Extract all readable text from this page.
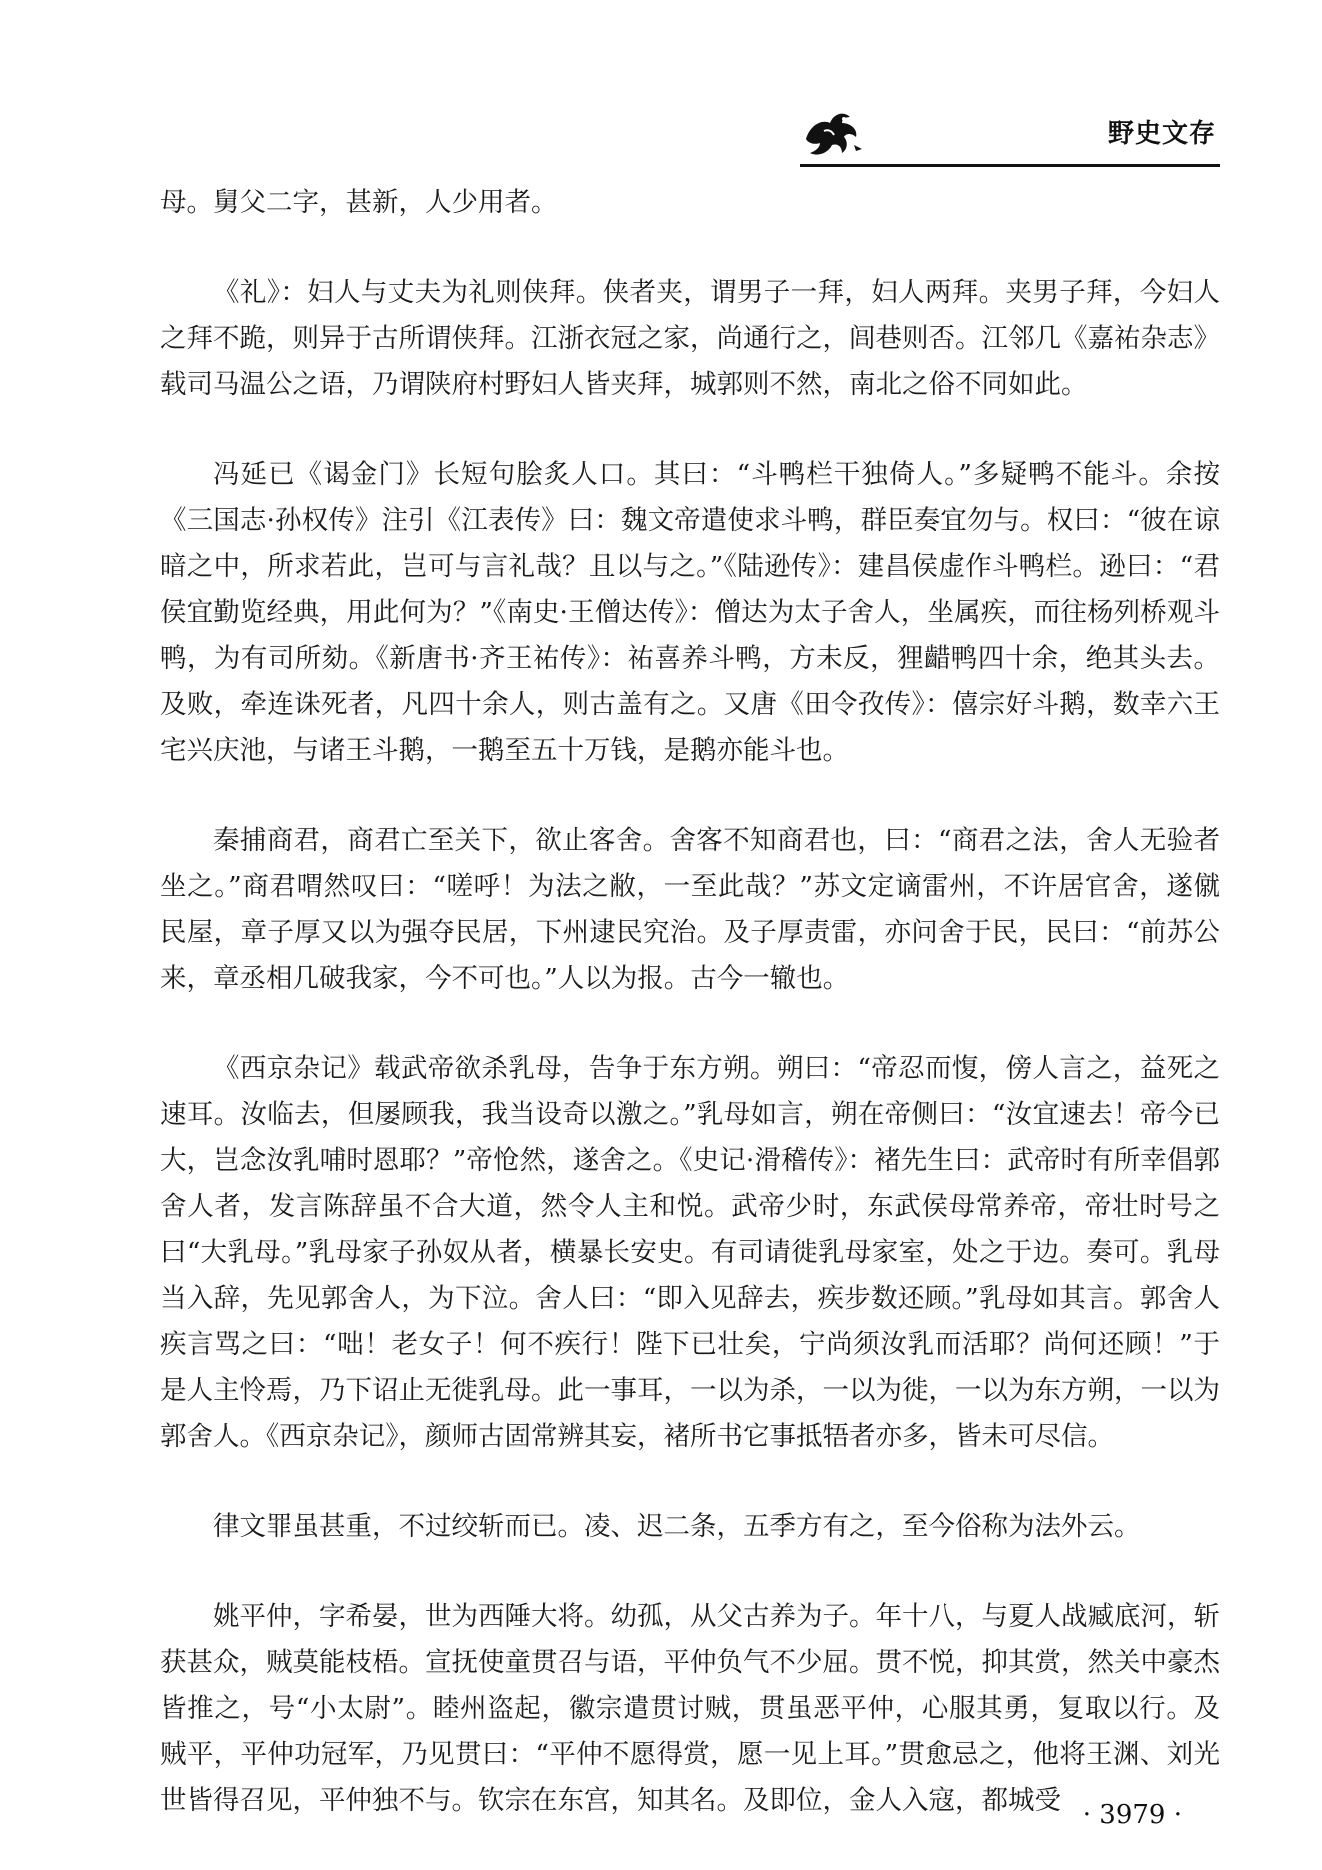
野史文存

母。舅父二字，甚新，人少用者。

《礼》：妇人与丈夫为礼则侠拜。侠者夹，谓男子一拜，妇人两拜。夹男子拜，今妇人之拜不跪，则异于古所谓侠拜。江浙衣冠之家，尚通行之，闾巷则否。江邻几《嘉祐杂志》载司马温公之语，乃谓陕府村野妇人皆夹拜，城郭则不然，南北之俗不同如此。

冯延已《谒金门》长短句脍炙人口。其曰：“斗鸭栏干独倚人。”多疑鸭不能斗。余按《三国志·孙权传》注引《江表传》曰：魏文帝遣使求斗鸭，群臣奏宜勿与。权曰：“彼在谅暗之中，所求若此，岂可与言礼哉？且以与之。”《陆逊传》：建昌侯虚作斗鸭栏。逊曰：“君侯宜勤览经典，用此何为？”《南史·王僧达传》：僧达为太子舍人，坐属疾，而往杨列桥观斗鸭，为有司所劾。《新唐书·齐王祐传》：祐喜养斗鸭，方未反，狸齰鸭四十余，绝其头去。及败，牵连诛死者，凡四十余人，则古盖有之。又唐《田令孜传》：僖宗好斗鹅，数幸六王宅兴庆池，与诸王斗鹅，一鹅至五十万钱，是鹅亦能斗也。

秦捕商君，商君亡至关下，欲止客舍。舍客不知商君也，曰：“商君之法，舍人无验者坐之。”商君喟然叹曰：“嗟呼！为法之敝，一至此哉？”苏文定谪雷州，不许居官舍，遂僦民屋，章子厚又以为强夺民居，下州逮民究治。及子厚责雷，亦问舍于民，民曰：“前苏公来，章丞相几破我家，今不可也。”人以为报。古今一辙也。

《西京杂记》载武帝欲杀乳母，告争于东方朔。朔曰：“帝忍而愎，傍人言之，益死之速耳。汝临去，但屡顾我，我当设奇以激之。”乳母如言，朔在帝侧曰：“汝宜速去！帝今已大，岂念汝乳哺时恩耶？”帝怆然，遂舍之。《史记·滑稽传》：褚先生曰：武帝时有所幸倡郭舍人者，发言陈辞虽不合大道，然令人主和悦。武帝少时，东武侯母常养帝，帝壮时号之曰“大乳母。”乳母家子孙奴从者，横暴长安史。有司请徙乳母家室，处之于边。奏可。乳母当入辞，先见郭舍人，为下泣。舍人曰：“即入见辞去，疾步数还顾。”乳母如其言。郭舍人疾言骂之曰：“咄！老女子！何不疾行！陛下已壮矣，宁尚须汝乳而活耶？尚何还顾！”于是人主怜焉，乃下诏止无徙乳母。此一事耳，一以为杀，一以为徙，一以为东方朔，一以为郭舍人。《西京杂记》，颜师古固常辨其妄，褚所书它事抵牾者亦多，皆未可尽信。

律文罪虽甚重，不过绞斩而已。凌、迟二条，五季方有之，至今俗称为法外云。

姚平仲，字希晏，世为西陲大将。幼孤，从父古养为子。年十八，与夏人战臧底河，斩获甚众，贼莫能枝梧。宣抚使童贯召与语，平仲负气不少屈。贯不悦，抑其赏，然关中豪杰皆推之，号“小太尉”。睦州盗起，徽宗遣贯讨贼，贯虽恶平仲，心服其勇，复取以行。及贼平，平仲功冠军，乃见贯曰：“平仲不愿得赏，愿一见上耳。”贯愈忌之，他将王渊、刘光世皆得召见，平仲独不与。钦宗在东宫，知其名。及即位，金人入寇，都城受 · 3979 ·
